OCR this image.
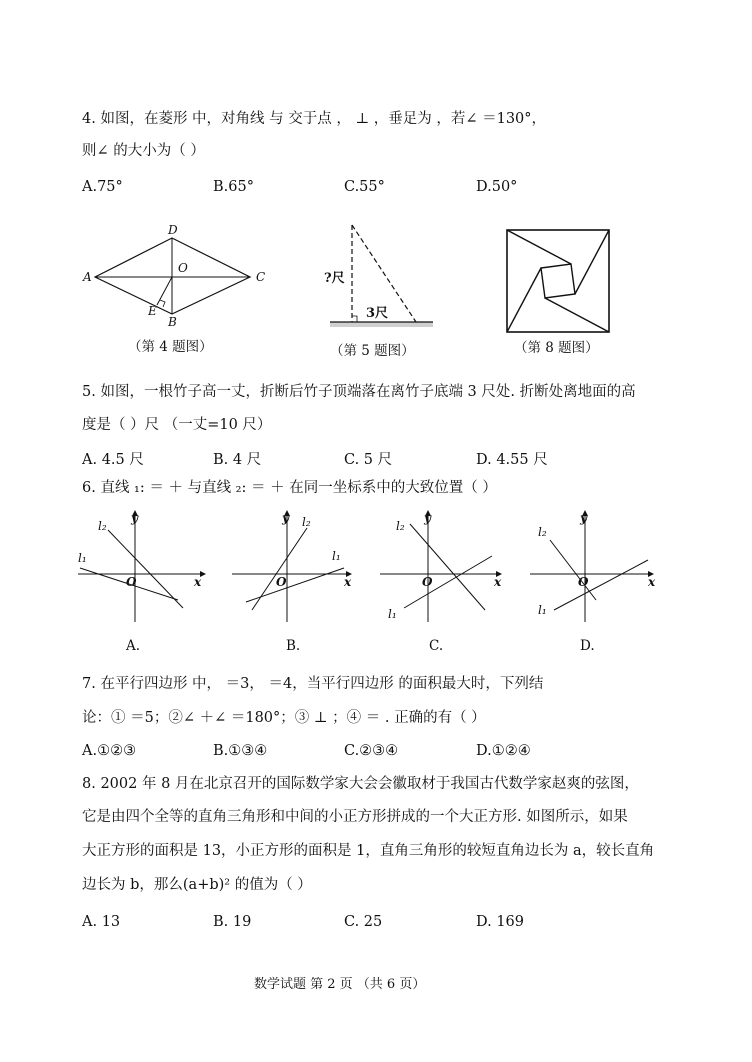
4. 如图，在菱形 中，对角线 与 交于点 ， ⊥ ，垂足为 ，若∠ ＝130°，
则∠ 的大小为（ ）
A.75°	B.65°	C.55°	D.50°
A
D
C
O
E
B
（第 4 题图）
?尺
3尺
（第 5 题图）	（第 8 题图）
5. 如图，一根竹子高一丈，折断后竹子顶端落在离竹子底端 3 尺处. 折断处离地面的高
度是（ ）尺 （一丈=10 尺）
A. 4.5 尺	B. 4 尺	C. 5 尺	D. 4.55 尺
6. 直线 ₁: ＝ ＋ 与直线 ₂: ＝ ＋ 在同一坐标系中的大致位置（ ）
x
y
O
l₂
l₁
A.
x
y
O
l₂
l₁
B.
x
y
O
l₂
l₁
C.
x
y
O
l₂
l₁
D.
7. 在平行四边形 中， ＝3， ＝4，当平行四边形 的面积最大时，下列结
论：① ＝5；②∠ ＋∠ ＝180°；③ ⊥ ；④ ＝ . 正确的有（ ）
A.①②③	B.①③④	C.②③④	D.①②④
8. 2002 年 8 月在北京召开的国际数学家大会会徽取材于我国古代数学家赵爽的弦图，
它是由四个全等的直角三角形和中间的小正方形拼成的一个大正方形. 如图所示，如果
大正方形的面积是 13，小正方形的面积是 1，直角三角形的较短直角边长为 a，较长直角
边长为 b，那么(a+b)² 的值为（ ）
A. 13	B. 19	C. 25	D. 169
数学试题 第 2 页 （共 6 页）
